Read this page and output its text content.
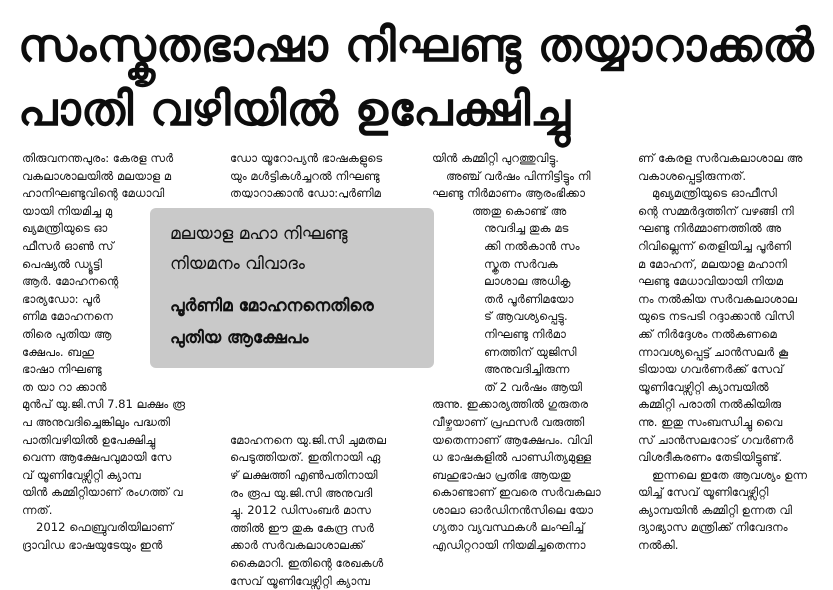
സംസ്കൃതഭാഷാ നിഘണ്ടു തയ്യാറാക്കൽ
പാതി വഴിയിൽ ഉപേക്ഷിച്ചു

തിരുവനന്തപുരം: കേരള സർ

വകലാശാലയിൽ മലയാള മ

ഹാനിഘണ്ടുവിന്റെ മേധാവി

യായി നിയമിച്ച മു

ഖ്യമന്ത്രിയുടെ ഓ

ഫീസർ ഓൺ സ്

പെഷ്യൽ ഡ്യൂട്ടി

ആർ. മോഹനന്റെ

ഭാര്യഡോ: പൂർ

ണിമ മോഹനനെ

തിരെ പുതിയ ആ

ക്ഷേപം. ബഹു

ഭാഷാ നിഘണ്ടു

ത യാ റാ ക്കാൻ

മുൻപ് യു.ജി.സി 7.81 ലക്ഷം രൂ

പ അനുവദിച്ചെങ്കിലും പദ്ധതി

പാതിവഴിയിൽ ഉപേക്ഷിച്ചു

വെന്ന ആക്ഷേപവുമായി സേ

വ് യൂണിവേഴ്സിറ്റി ക്യാമ്പ

യിൻ കമ്മിറ്റിയാണ് രംഗത്ത് വ

ന്നത്.

2012 ഫെബ്രുവരിയിലാണ്

ദ്രാവിഡ ഭാഷയുടേയും ഇൻ

ഡോ യൂറോപ്യൻ ഭാഷകളുടെ

യും മൾട്ടികൾച്ചറൽ നിഘണ്ടു

തയ്യാറാക്കാൻ ഡോ:പൂർണിമ

മോഹനനെ യു.ജി.സി ചുമതല

പെടുത്തിയത്. ഇതിനായി ഏ

ഴ് ലക്ഷത്തി എൺപതിനായി

രം രൂപ യു.ജി.സി അനുവദി

ച്ചു. 2012 ഡിസംബർ മാസ

ത്തിൽ ഈ തുക കേന്ദ്ര സർ

ക്കാർ സർവകലാശാലക്ക്

കൈമാറി. ഇതിന്റെ രേഖകൾ

സേവ് യൂണിവേഴ്സിറ്റി ക്യാമ്പ

യിൻ കമ്മിറ്റി പുറത്തുവിട്ടു.

അഞ്ച് വർഷം പിന്നിട്ടിട്ടും നി

ഘണ്ടു നിർമാണം ആരംഭിക്കാ

ത്തതു കൊണ്ട് അ

നുവദിച്ച തുക മട

ക്കി നൽകാൻ സം

സ്കൃത സർവക

ലാശാല അധികൃ

തർ പൂർണിമയോ

ട് ആവശ്യപ്പെട്ടു.

നിഘണ്ടു നിർമാ

ണത്തിന് യുജിസി

അനുവദിച്ചിരുന്ന

ത് 2 വർഷം ആയി

രുന്നു. ഇക്കാര്യത്തിൽ ഗുരുതര

വീഴ്ചയാണ് പ്രഫസർ വരുത്തി

യതെന്നാണ് ആക്ഷേപം. വിവി

ധ ഭാഷകളിൽ പാണ്ഡിത്യമുള്ള

ബഹുഭാഷാ പ്രതിഭ ആയതു

കൊണ്ടാണ് ഇവരെ സർവകലാ

ശാലാ ഓർഡിനൻസിലെ യോ

ഗ്യതാ വ്യവസ്ഥകൾ ലംഘിച്ച്

എഡിറ്ററായി നിയമിച്ചതെന്നാ

ണ് കേരള സർവകലാശാല അ

വകാശപ്പെട്ടിരുന്നത്.

മുഖ്യമന്ത്രിയുടെ ഓഫീസി

ന്റെ സമ്മർദ്ദത്തിന് വഴങ്ങി നി

ഘണ്ടു നിർമ്മാണത്തിൽ അ

റിവില്ലെന്ന് തെളിയിച്ച പൂർണി

മ മോഹന്, മലയാള മഹാനി

ഘണ്ടു മേധാവിയായി നിയമ

നം നൽകിയ സർവകലാശാല

യുടെ നടപടി റദ്ദാക്കാൻ വിസി

ക്ക് നിർദ്ദേശം നൽകണമെ

ന്നാവശ്യപ്പെട്ട് ചാൻസലർ കൂ

ടിയായ ഗവർണർക്ക് സേവ്

യൂണിവേഴ്സിറ്റി ക്യാമ്പയിൽ

കമ്മിറ്റി പരാതി നൽകിയിരു

ന്നു. ഇതു സംബന്ധിച്ചു വൈ

സ് ചാൻസലറോട് ഗവർണർ

വിശദീകരണം തേടിയിട്ടുണ്ട്.

ഇന്നലെ ഇതേ ആവശ്യം ഉന്ന

യിച്ച് സേവ് യൂണിവേഴ്സിറ്റി

ക്യാമ്പയിൻ കമ്മിറ്റി ഉന്നത വി

ദ്യാഭ്യാസ മന്ത്രിക്ക് നിവേദനം

നൽകി.

മലയാള മഹാ നിഘണ്ടു
നിയമനം വിവാദം
പൂർണിമ മോഹനനെതിരെ
പുതിയ ആക്ഷേപം
